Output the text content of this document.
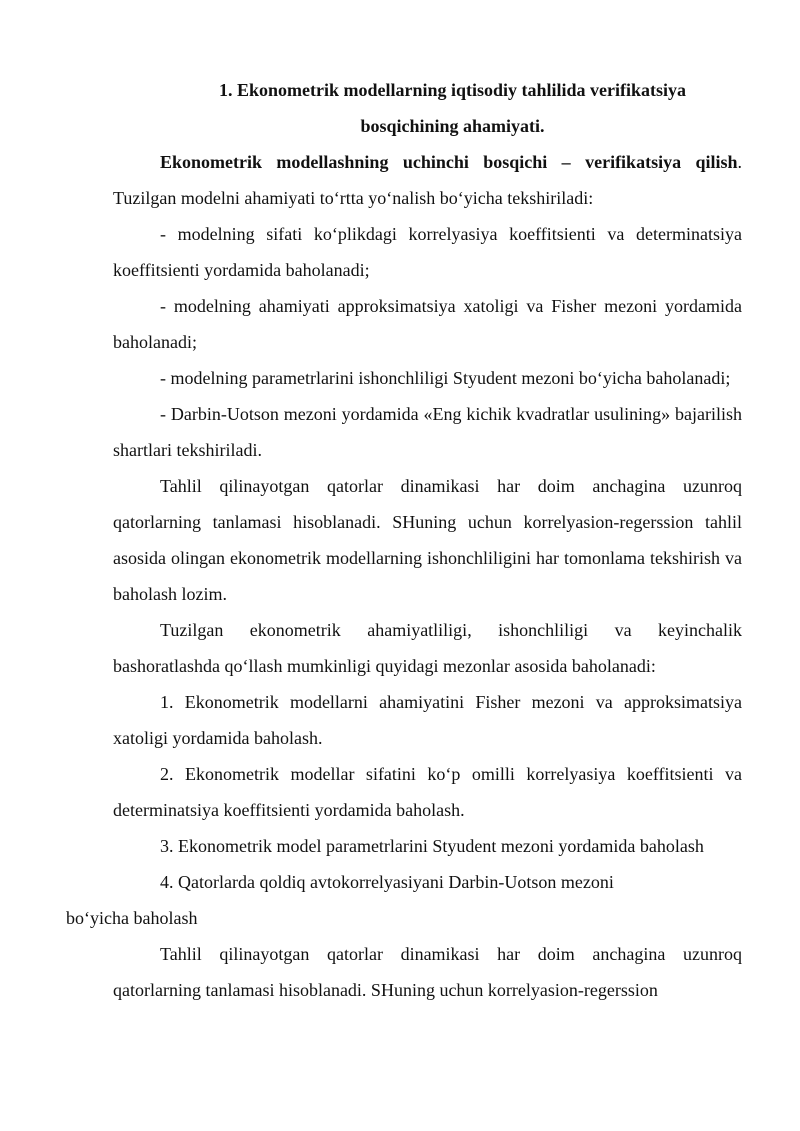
1. Ekonometrik modellarning iqtisodiy tahlilida verifikatsiya
bosqichining ahamiyati.

Ekonometrik modellashning uchinchi bosqichi – verifikatsiya qilish. Tuzilgan modelni ahamiyati to‘rtta yo‘nalish bo‘yicha tekshiriladi:

- modelning sifati ko‘plikdagi korrelyasiya koeffitsienti va determinatsiya koeffitsienti yordamida baholanadi;

- modelning ahamiyati approksimatsiya xatoligi va Fisher mezoni yordamida baholanadi;

- modelning parametrlarini ishonchliligi Styudent mezoni bo‘yicha baholanadi;

- Darbin-Uotson mezoni yordamida «Eng kichik kvadratlar usulining» bajarilish shartlari tekshiriladi.

Tahlil qilinayotgan qatorlar dinamikasi har doim anchagina uzunroq qatorlarning tanlamasi hisoblanadi. SHuning uchun korrelyasion-regerssion tahlil asosida olingan ekonometrik modellarning ishonchliligini har tomonlama tekshirish va baholash lozim.

Tuzilgan ekonometrik ahamiyatliligi, ishonchliligi va keyinchalik bashoratlashda qo‘llash mumkinligi quyidagi mezonlar asosida baholanadi:

1. Ekonometrik modellarni ahamiyatini Fisher mezoni va approksimatsiya xatoligi yordamida baholash.

2. Ekonometrik modellar sifatini ko‘p omilli korrelyasiya koeffitsienti va determinatsiya koeffitsienti yordamida baholash.

3. Ekonometrik model parametrlarini Styudent mezoni yordamida baholash

4. Qatorlarda qoldiq avtokorrelyasiyani Darbin-Uotson mezoni
bo‘yicha baholash

Tahlil qilinayotgan qatorlar dinamikasi har doim anchagina uzunroq qatorlarning tanlamasi hisoblanadi. SHuning uchun korrelyasion-regerssion
